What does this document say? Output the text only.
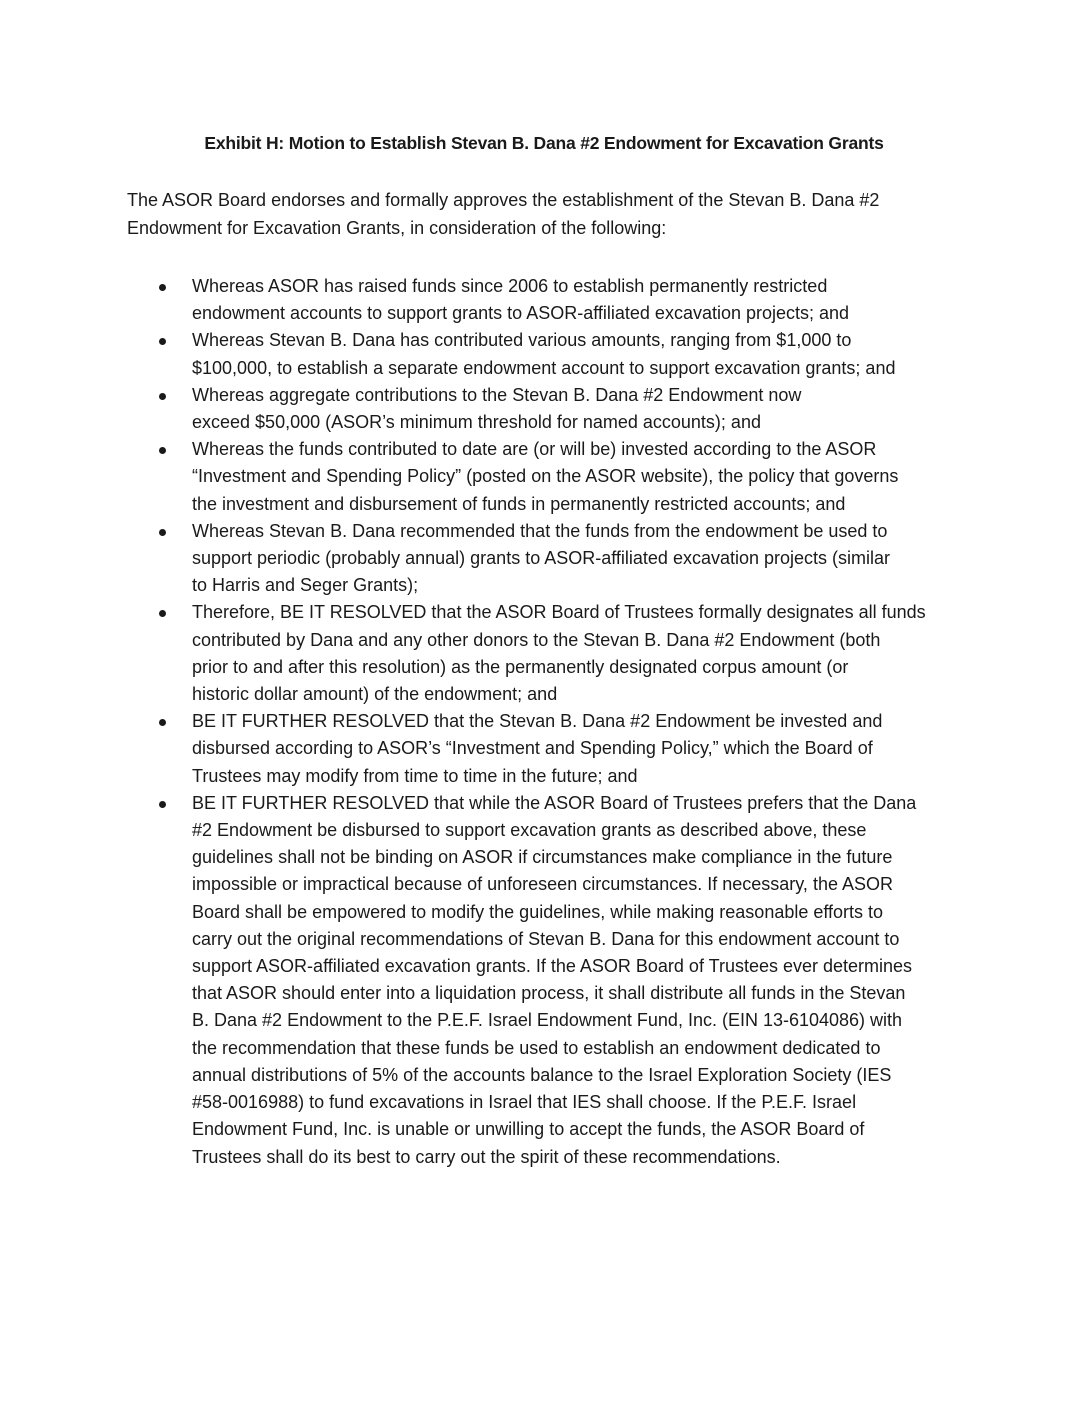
Exhibit H: Motion to Establish Stevan B. Dana #2 Endowment for Excavation Grants

The ASOR Board endorses and formally approves the establishment of the Stevan B. Dana #2
Endowment for Excavation Grants, in consideration of the following:

Whereas ASOR has raised funds since 2006 to establish permanently restricted
endowment accounts to support grants to ASOR-affiliated excavation projects; and
Whereas Stevan B. Dana has contributed various amounts, ranging from $1,000 to
$100,000, to establish a separate endowment account to support excavation grants; and
Whereas aggregate contributions to the Stevan B. Dana #2 Endowment now
exceed $50,000 (ASOR’s minimum threshold for named accounts); and
Whereas the funds contributed to date are (or will be) invested according to the ASOR
“Investment and Spending Policy” (posted on the ASOR website), the policy that governs
the investment and disbursement of funds in permanently restricted accounts; and
Whereas Stevan B. Dana recommended that the funds from the endowment be used to
support periodic (probably annual) grants to ASOR-affiliated excavation projects (similar
to Harris and Seger Grants);
Therefore, BE IT RESOLVED that the ASOR Board of Trustees formally designates all funds
contributed by Dana and any other donors to the Stevan B. Dana #2 Endowment (both
prior to and after this resolution) as the permanently designated corpus amount (or
historic dollar amount) of the endowment; and
BE IT FURTHER RESOLVED that the Stevan B. Dana #2 Endowment be invested and
disbursed according to ASOR’s “Investment and Spending Policy,” which the Board of
Trustees may modify from time to time in the future; and
BE IT FURTHER RESOLVED that while the ASOR Board of Trustees prefers that the Dana
#2 Endowment be disbursed to support excavation grants as described above, these
guidelines shall not be binding on ASOR if circumstances make compliance in the future
impossible or impractical because of unforeseen circumstances. If necessary, the ASOR
Board shall be empowered to modify the guidelines, while making reasonable efforts to
carry out the original recommendations of Stevan B. Dana for this endowment account to
support ASOR-affiliated excavation grants. If the ASOR Board of Trustees ever determines
that ASOR should enter into a liquidation process, it shall distribute all funds in the Stevan
B. Dana #2 Endowment to the P.E.F. Israel Endowment Fund, Inc. (EIN 13-6104086) with
the recommendation that these funds be used to establish an endowment dedicated to
annual distributions of 5% of the accounts balance to the Israel Exploration Society (IES
#58-0016988) to fund excavations in Israel that IES shall choose. If the P.E.F. Israel
Endowment Fund, Inc. is unable or unwilling to accept the funds, the ASOR Board of
Trustees shall do its best to carry out the spirit of these recommendations.
